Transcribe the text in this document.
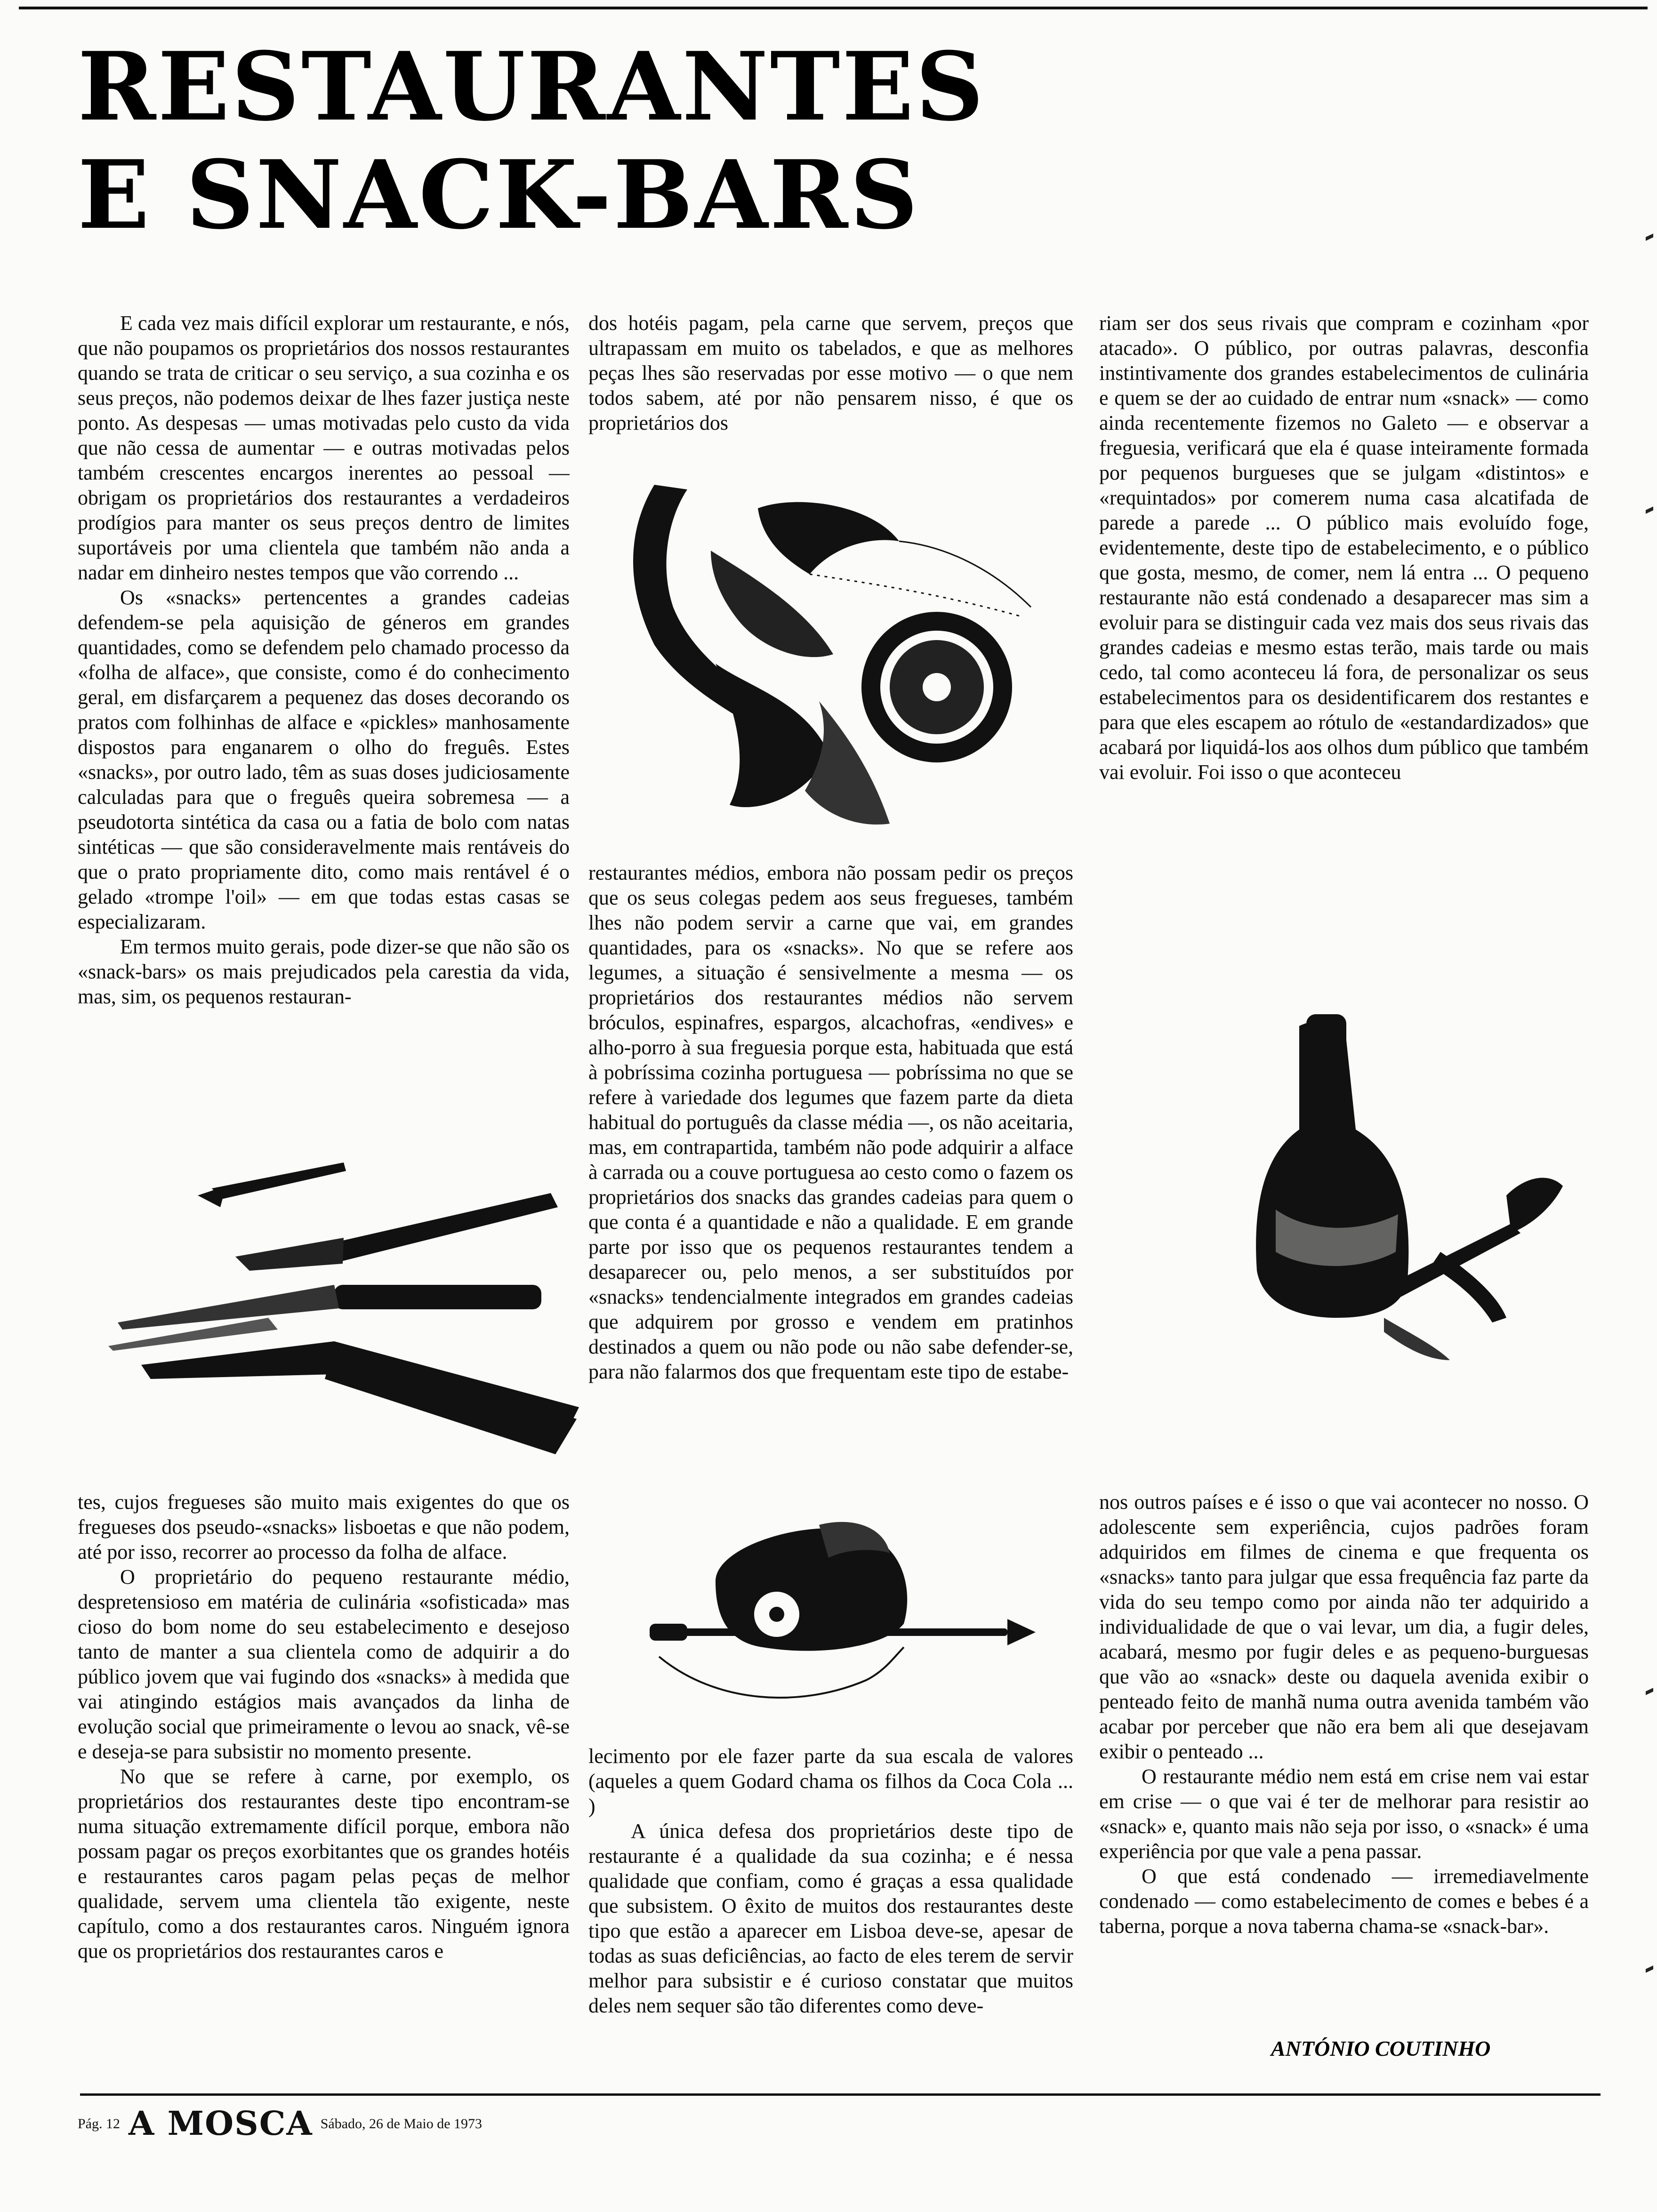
RESTAURANTES
E SNACK-BARS

E cada vez mais difícil explorar um restaurante, e nós, que não poupamos os proprietários dos nossos restaurantes quando se trata de criticar o seu serviço, a sua cozinha e os seus preços, não podemos deixar de lhes fazer justiça neste ponto. As despesas — umas motivadas pelo custo da vida que não cessa de aumentar — e outras motivadas pelos também crescentes encargos inerentes ao pessoal — obrigam os proprietários dos restaurantes a verdadeiros prodígios para manter os seus preços dentro de limites suportáveis por uma clientela que também não anda a nadar em dinheiro nestes tempos que vão correndo ...

Os «snacks» pertencentes a grandes cadeias defendem-se pela aquisição de géneros em grandes quantidades, como se defendem pelo chamado processo da «folha de alface», que consiste, como é do conhecimento geral, em disfarçarem a pequenez das doses decorando os pratos com folhinhas de alface e «pickles» manhosamente dispostos para enganarem o olho do freguês. Estes «snacks», por outro lado, têm as suas doses judiciosamente calculadas para que o freguês queira sobremesa — a pseudotorta sintética da casa ou a fatia de bolo com natas sintéticas — que são consideravelmente mais rentáveis do que o prato propriamente dito, como mais rentável é o gelado «trompe l'oil» — em que todas estas casas se especializaram.

Em termos muito gerais, pode dizer-se que não são os «snack-bars» os mais prejudicados pela carestia da vida, mas, sim, os pequenos restauran-

tes, cujos fregueses são muito mais exigentes do que os fregueses dos pseudo-«snacks» lisboetas e que não podem, até por isso, recorrer ao processo da folha de alface.

O proprietário do pequeno restaurante médio, despretensioso em matéria de culinária «sofisticada» mas cioso do bom nome do seu estabelecimento e desejoso tanto de manter a sua clientela como de adquirir a do público jovem que vai fugindo dos «snacks» à medida que vai atingindo estágios mais avançados da linha de evolução social que primeiramente o levou ao snack, vê-se e deseja-se para subsistir no momento presente.

No que se refere à carne, por exemplo, os proprietários dos restaurantes deste tipo encontram-se numa situação extremamente difícil porque, embora não possam pagar os preços exorbitantes que os grandes hotéis e restaurantes caros pagam pelas peças de melhor qualidade, servem uma clientela tão exigente, neste capítulo, como a dos restaurantes caros. Ninguém ignora que os proprietários dos restaurantes caros e

dos hotéis pagam, pela carne que servem, preços que ultrapassam em muito os tabelados, e que as melhores peças lhes são reservadas por esse motivo — o que nem todos sabem, até por não pensarem nisso, é que os proprietários dos

restaurantes médios, embora não possam pedir os preços que os seus colegas pedem aos seus fregueses, também lhes não podem servir a carne que vai, em grandes quantidades, para os «snacks». No que se refere aos legumes, a situação é sensivelmente a mesma — os proprietários dos restaurantes médios não servem bróculos, espinafres, espargos, alcachofras, «endives» e alho-porro à sua freguesia porque esta, habituada que está à pobríssima cozinha portuguesa — pobríssima no que se refere à variedade dos legumes que fazem parte da dieta habitual do português da classe média —, os não aceitaria, mas, em contrapartida, também não pode adquirir a alface à carrada ou a couve portuguesa ao cesto como o fazem os proprietários dos snacks das grandes cadeias para quem o que conta é a quantidade e não a qualidade. E em grande parte por isso que os pequenos restaurantes tendem a desaparecer ou, pelo menos, a ser substituídos por «snacks» tendencialmente integrados em grandes cadeias que adquirem por grosso e vendem em pratinhos destinados a quem ou não pode ou não sabe defender-se, para não falarmos dos que frequentam este tipo de estabe-

lecimento por ele fazer parte da sua escala de valores (aqueles a quem Godard chama os filhos da Coca Cola ... )

A única defesa dos proprietários deste tipo de restaurante é a qualidade da sua cozinha; e é nessa qualidade que confiam, como é graças a essa qualidade que subsistem. O êxito de muitos dos restaurantes deste tipo que estão a aparecer em Lisboa deve-se, apesar de todas as suas deficiências, ao facto de eles terem de servir melhor para subsistir e é curioso constatar que muitos deles nem sequer são tão diferentes como deve-

riam ser dos seus rivais que compram e cozinham «por atacado». O público, por outras palavras, desconfia instintivamente dos grandes estabelecimentos de culinária e quem se der ao cuidado de entrar num «snack» — como ainda recentemente fizemos no Galeto — e observar a freguesia, verificará que ela é quase inteiramente formada por pequenos burgueses que se julgam «distintos» e «requintados» por comerem numa casa alcatifada de parede a parede ... O público mais evoluído foge, evidentemente, deste tipo de estabelecimento, e o público que gosta, mesmo, de comer, nem lá entra ... O pequeno restaurante não está condenado a desaparecer mas sim a evoluir para se distinguir cada vez mais dos seus rivais das grandes cadeias e mesmo estas terão, mais tarde ou mais cedo, tal como aconteceu lá fora, de personalizar os seus estabelecimentos para os desidentificarem dos restantes e para que eles escapem ao rótulo de «estandardizados» que acabará por liquidá-los aos olhos dum público que também vai evoluir. Foi isso o que aconteceu

nos outros países e é isso o que vai acontecer no nosso. O adolescente sem experiência, cujos padrões foram adquiridos em filmes de cinema e que frequenta os «snacks» tanto para julgar que essa frequência faz parte da vida do seu tempo como por ainda não ter adquirido a individualidade de que o vai levar, um dia, a fugir deles, acabará, mesmo por fugir deles e as pequeno-burguesas que vão ao «snack» deste ou daquela avenida exibir o penteado feito de manhã numa outra avenida também vão acabar por perceber que não era bem ali que desejavam exibir o penteado ...

O restaurante médio nem está em crise nem vai estar em crise — o que vai é ter de melhorar para resistir ao «snack» e, quanto mais não seja por isso, o «snack» é uma experiência por que vale a pena passar.

O que está condenado — irremediavelmente condenado — como estabelecimento de comes e bebes é a taberna, porque a nova taberna chama-se «snack-bar».

ANTÓNIO COUTINHO
Pág. 12 A MOSCA Sábado, 26 de Maio de 1973
